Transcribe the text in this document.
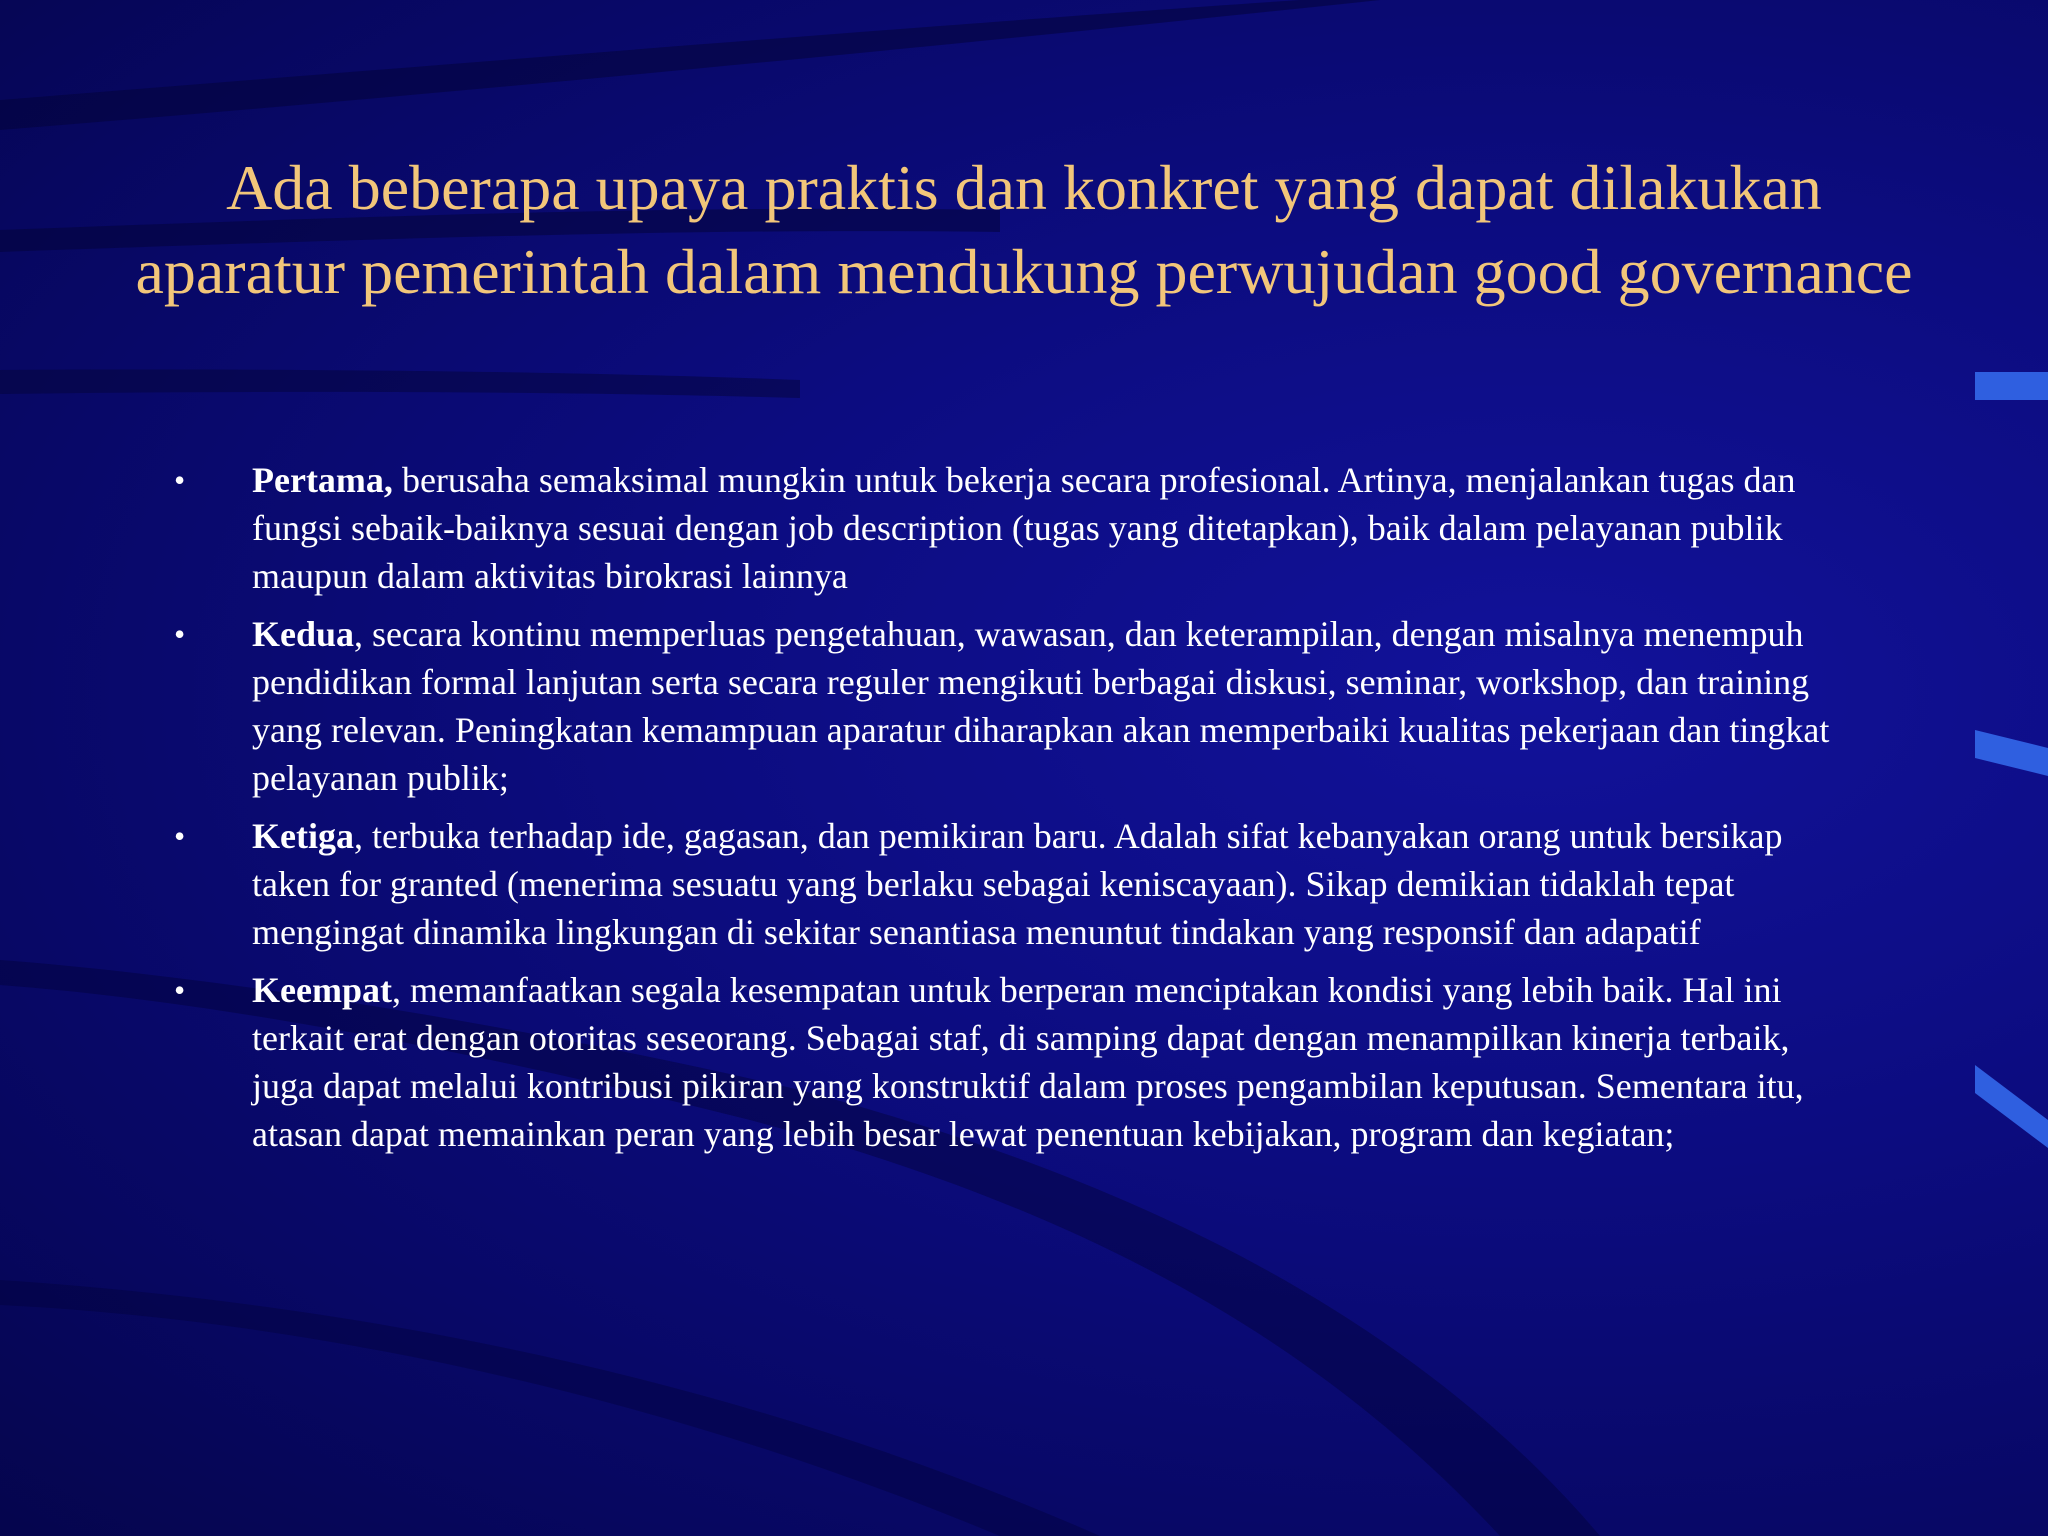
Ada beberapa upaya praktis dan konkret yang dapat dilakukan aparatur pemerintah dalam mendukung perwujudan good governance
• Pertama, berusaha semaksimal mungkin untuk bekerja secara profesional. Artinya, menjalankan tugas dan fungsi sebaik-baiknya sesuai dengan job description (tugas yang ditetapkan), baik dalam pelayanan publik maupun dalam aktivitas birokrasi lainnya
• Kedua, secara kontinu memperluas pengetahuan, wawasan, dan keterampilan, dengan misalnya menempuh pendidikan formal lanjutan serta secara reguler mengikuti berbagai diskusi, seminar, workshop, dan training yang relevan. Peningkatan kemampuan aparatur diharapkan akan memperbaiki kualitas pekerjaan dan tingkat pelayanan publik;
• Ketiga, terbuka terhadap ide, gagasan, dan pemikiran baru. Adalah sifat kebanyakan orang untuk bersikap taken for granted (menerima sesuatu yang berlaku sebagai keniscayaan). Sikap demikian tidaklah tepat mengingat dinamika lingkungan di sekitar senantiasa menuntut tindakan yang responsif dan adapatif
• Keempat, memanfaatkan segala kesempatan untuk berperan menciptakan kondisi yang lebih baik. Hal ini terkait erat dengan otoritas seseorang. Sebagai staf, di samping dapat dengan menampilkan kinerja terbaik, juga dapat melalui kontribusi pikiran yang konstruktif dalam proses pengambilan keputusan. Sementara itu, atasan dapat memainkan peran yang lebih besar lewat penentuan kebijakan, program dan kegiatan;
